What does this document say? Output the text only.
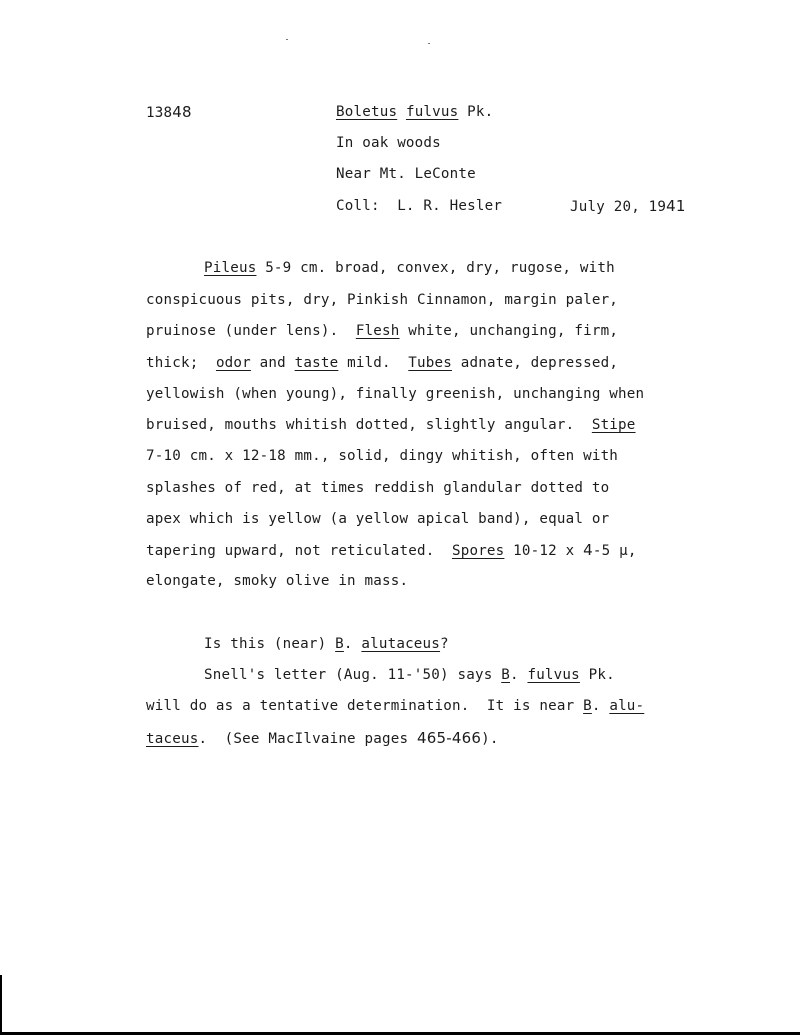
13848	Boletus fulvus Pk.
In oak woods
Near Mt. LeConte
Coll:  L. R. Hesler	July 20, 1941
Pileus 5-9 cm. broad, convex, dry, rugose, with
conspicuous pits, dry, Pinkish Cinnamon, margin paler,
pruinose (under lens).  Flesh white, unchanging, firm,
thick;  odor and taste mild.  Tubes adnate, depressed,
yellowish (when young), finally greenish, unchanging when
bruised, mouths whitish dotted, slightly angular.  Stipe
7-10 cm. x 12-18 mm., solid, dingy whitish, often with
splashes of red, at times reddish glandular dotted to
apex which is yellow (a yellow apical band), equal or
tapering upward, not reticulated.  Spores 10-12 x 4-5 µ,
elongate, smoky olive in mass.
Is this (near) B. alutaceus?
Snell's letter (Aug. 11-'50) says B. fulvus Pk.
will do as a tentative determination.  It is near B. alu-
taceus.  (See MacIlvaine pages 465-466).
